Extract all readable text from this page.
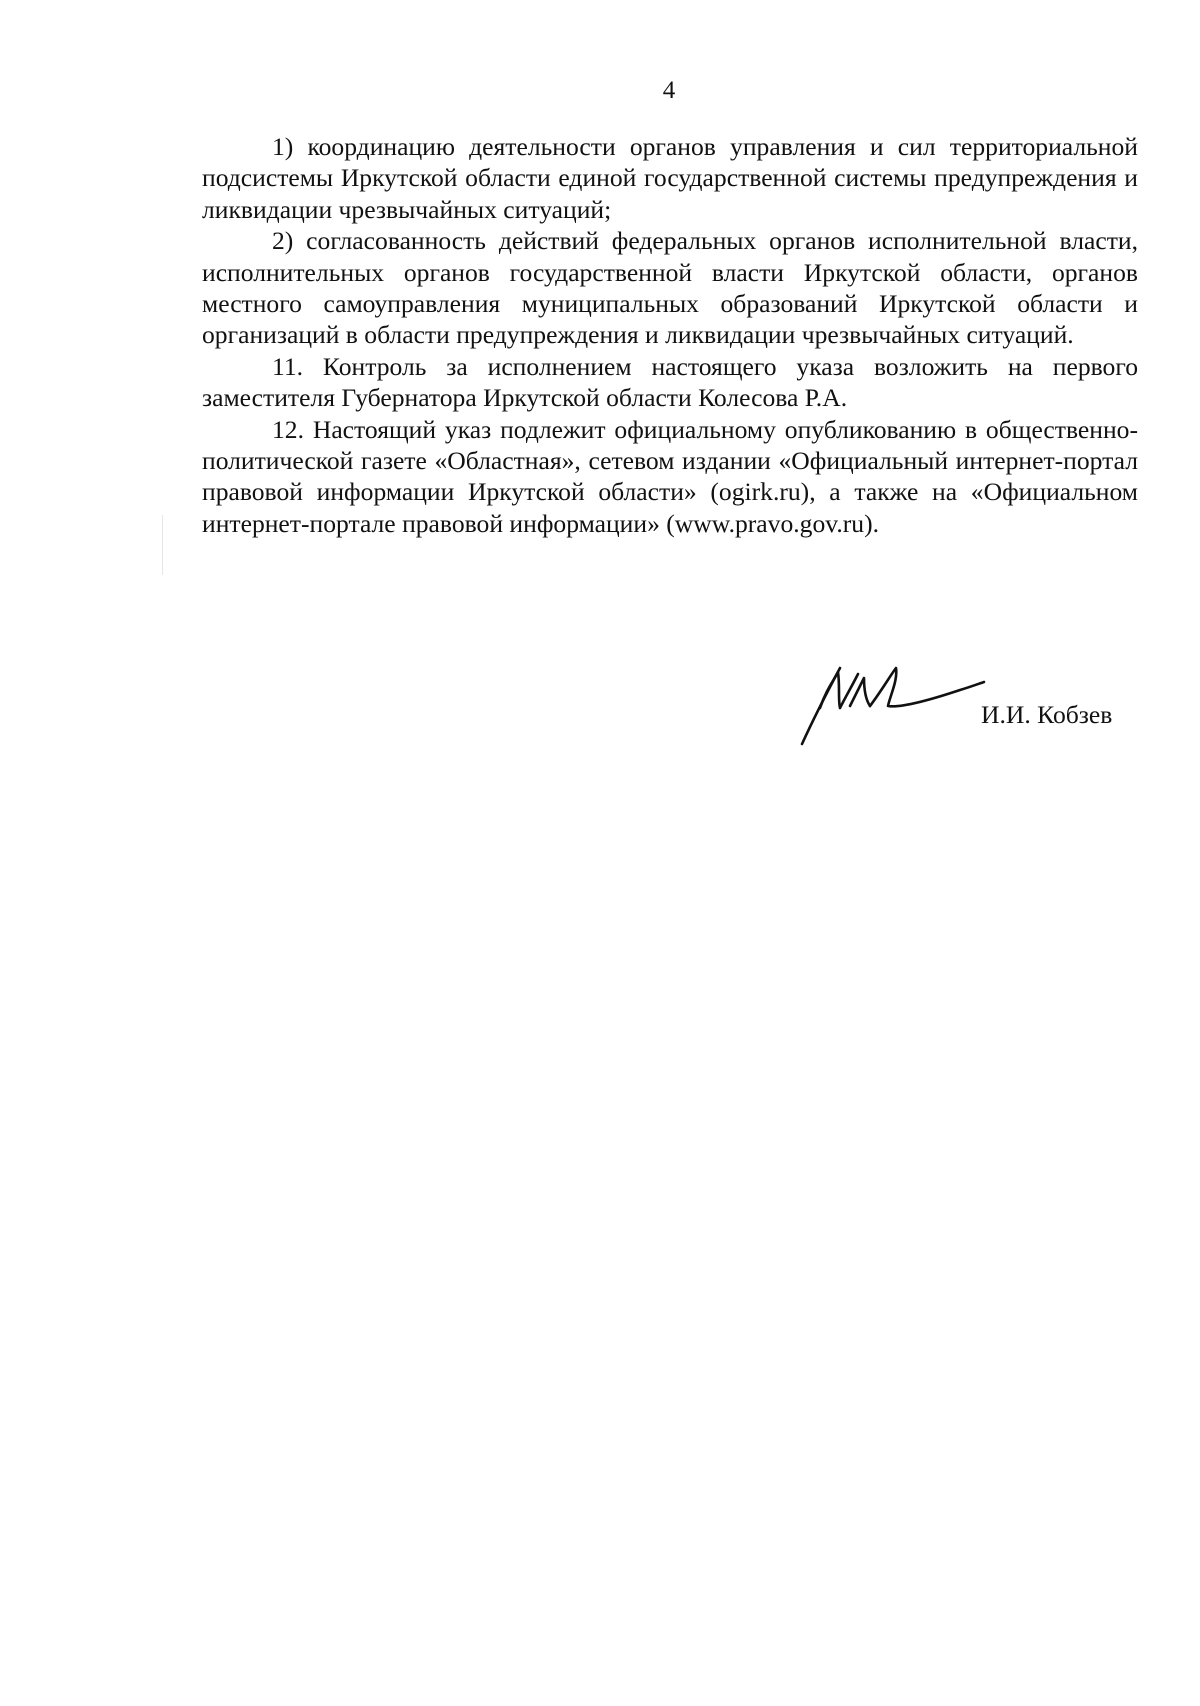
4

1) координацию деятельности органов управления и сил территориальной подсистемы Иркутской области единой государственной системы предупреждения и ликвидации чрезвычайных ситуаций;

2) согласованность действий федеральных органов исполнительной власти, исполнительных органов государственной власти Иркутской области, органов местного самоуправления муниципальных образований Иркутской области и организаций в области предупреждения и ликвидации чрезвычайных ситуаций.

11. Контроль за исполнением настоящего указа возложить на первого заместителя Губернатора Иркутской области Колесова Р.А.

12. Настоящий указ подлежит официальному опубликованию в общественно-политической газете «Областная», сетевом издании «Официальный интернет-портал правовой информации Иркутской области» (ogirk.ru), а также на «Официальном интернет-портале правовой информации» (www.pravo.gov.ru).

И.И. Кобзев
